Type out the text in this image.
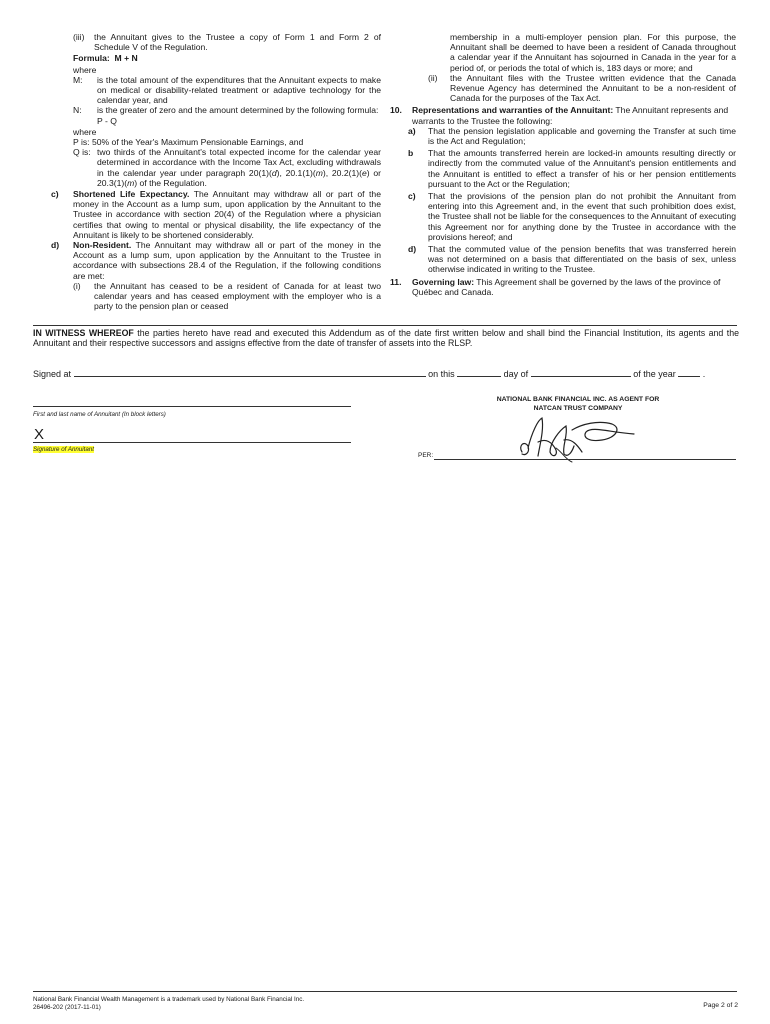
(iii) the Annuitant gives to the Trustee a copy of Form 1 and Form 2 of Schedule V of the Regulation.
Formula: M + N
where
M: is the total amount of the expenditures that the Annuitant expects to make on medical or disability-related treatment or adaptive technology for the calendar year, and
N: is the greater of zero and the amount determined by the following formula:
P - Q
where
P is: 50% of the Year's Maximum Pensionable Earnings, and
Q is: two thirds of the Annuitant's total expected income for the calendar year determined in accordance with the Income Tax Act, excluding withdrawals in the calendar year under paragraph 20(1)(d), 20.1(1)(m), 20.2(1)(e) or 20.3(1)(m) of the Regulation.
c) Shortened Life Expectancy. The Annuitant may withdraw all or part of the money in the Account as a lump sum, upon application by the Annuitant to the Trustee in accordance with section 20(4) of the Regulation where a physician certifies that owing to mental or physical disability, the life expectancy of the Annuitant is likely to be shortened considerably.
d) Non-Resident. The Annuitant may withdraw all or part of the money in the Account as a lump sum, upon application by the Annuitant to the Trustee in accordance with subsections 28.4 of the Regulation, if the following conditions are met:
(i) the Annuitant has ceased to be a resident of Canada for at least two calendar years and has ceased employment with the employer who is a party to the pension plan or ceased
membership in a multi-employer pension plan. For this purpose, the Annuitant shall be deemed to have been a resident of Canada throughout a calendar year if the Annuitant has sojourned in Canada in the year for a period of, or periods the total of which is, 183 days or more; and
(ii) the Annuitant files with the Trustee written evidence that the Canada Revenue Agency has determined the Annuitant to be a non-resident of Canada for the purposes of the Tax Act.
10. Representations and warranties of the Annuitant: The Annuitant represents and warrants to the Trustee the following:
a) That the pension legislation applicable and governing the Transfer at such time is the Act and Regulation;
b That the amounts transferred herein are locked-in amounts resulting directly or indirectly from the commuted value of the Annuitant's pension entitlements and the Annuitant is entitled to effect a transfer of his or her pension entitlements pursuant to the Act or the Regulation;
c) That the provisions of the pension plan do not prohibit the Annuitant from entering into this Agreement and, in the event that such prohibition does exist, the Trustee shall not be liable for the consequences to the Annuitant of executing this Agreement nor for anything done by the Trustee in accordance with the provisions hereof; and
d) That the commuted value of the pension benefits that was transferred herein was not determined on a basis that differentiated on the basis of sex, unless otherwise indicated in writing to the Trustee.
11. Governing law: This Agreement shall be governed by the laws of the province of Québec and Canada.
IN WITNESS WHEREOF the parties hereto have read and executed this Addendum as of the date first written below and shall bind the Financial Institution, its agents and the Annuitant and their respective successors and assigns effective from the date of transfer of assets into the RLSP.
Signed at	on this	day of	of the year	.
First and last name of Annuitant (In block letters)
X
Signature of Annuitant
NATIONAL BANK FINANCIAL INC. AS AGENT FOR
NATCAN TRUST COMPANY
PER:
National Bank Financial Wealth Management is a trademark used by National Bank Financial Inc.
26496-202 (2017-11-01)	Page 2 of 2
